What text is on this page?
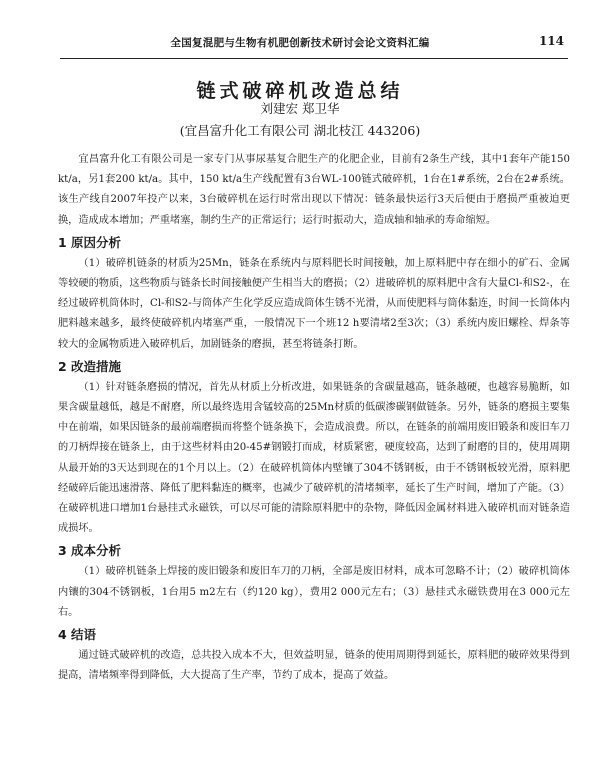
全国复混肥与生物有机肥创新技术研讨会论文资料汇编	114
链式破碎机改造总结
刘建宏 郑卫华
(宜昌富升化工有限公司 湖北枝江 443206)

宜昌富升化工有限公司是一家专门从事尿基复合肥生产的化肥企业，目前有2条生产线，其中1套年产能150 kt/a，另1套200 kt/a。其中，150 kt/a生产线配置有3台WL-100链式破碎机，1台在1#系统，2台在2#系统。该生产线自2007年投产以来，3台破碎机在运行时常出现以下情况：链条最快运行3天后便由于磨损严重被迫更换，造成成本增加；严重堵塞，制约生产的正常运行；运行时振动大，造成轴和轴承的寿命缩短。

1 原因分析

（1）破碎机链条的材质为25Mn，链条在系统内与原料肥长时间接触，加上原料肥中存在细小的矿石、金属等较硬的物质，这些物质与链条长时间接触便产生相当大的磨损；（2）进破碎机的原料肥中含有大量Cl-和S2-，在经过破碎机筒体时，Cl-和S2-与筒体产生化学反应造成筒体生锈不光滑，从而使肥料与筒体黏连，时间一长筒体内肥料越来越多，最终使破碎机内堵塞严重，一般情况下一个班12 h要清堵2至3次；（3）系统内废旧螺栓、焊条等较大的金属物质进入破碎机后，加剧链条的磨损，甚至将链条打断。

2 改造措施

（1）针对链条磨损的情况，首先从材质上分析改进，如果链条的含碳量越高，链条越硬，也越容易脆断，如果含碳量越低，越是不耐磨，所以最终选用含锰较高的25Mn材质的低碳渗碳钢做链条。另外，链条的磨损主要集中在前端，如果因链条的最前端磨损而将整个链条换下，会造成浪费。所以，在链条的前端用废旧锻条和废旧车刀的刀柄焊接在链条上，由于这些材料由20-45#钢锻打而成，材质紧密，硬度较高，达到了耐磨的目的，使用周期从最开始的3天达到现在的1个月以上。（2）在破碎机筒体内壁镶了304不锈钢板，由于不锈钢板较光滑，原料肥经破碎后能迅速滑落、降低了肥料黏连的概率，也减少了破碎机的清堵频率，延长了生产时间，增加了产能。（3）在破碎机进口增加1台悬挂式永磁铁，可以尽可能的清除原料肥中的杂物，降低因金属材料进入破碎机而对链条造成损坏。

3 成本分析

（1）破碎机链条上焊接的废旧锻条和废旧车刀的刀柄，全部是废旧材料，成本可忽略不计；（2）破碎机筒体内镶的304不锈钢板，1台用5 m2左右（约120 kg），费用2 000元左右；（3）悬挂式永磁铁费用在3 000元左右。

4 结语

通过链式破碎机的改造，总共投入成本不大，但效益明显，链条的使用周期得到延长，原料肥的破碎效果得到提高，清堵频率得到降低，大大提高了生产率，节约了成本，提高了效益。
